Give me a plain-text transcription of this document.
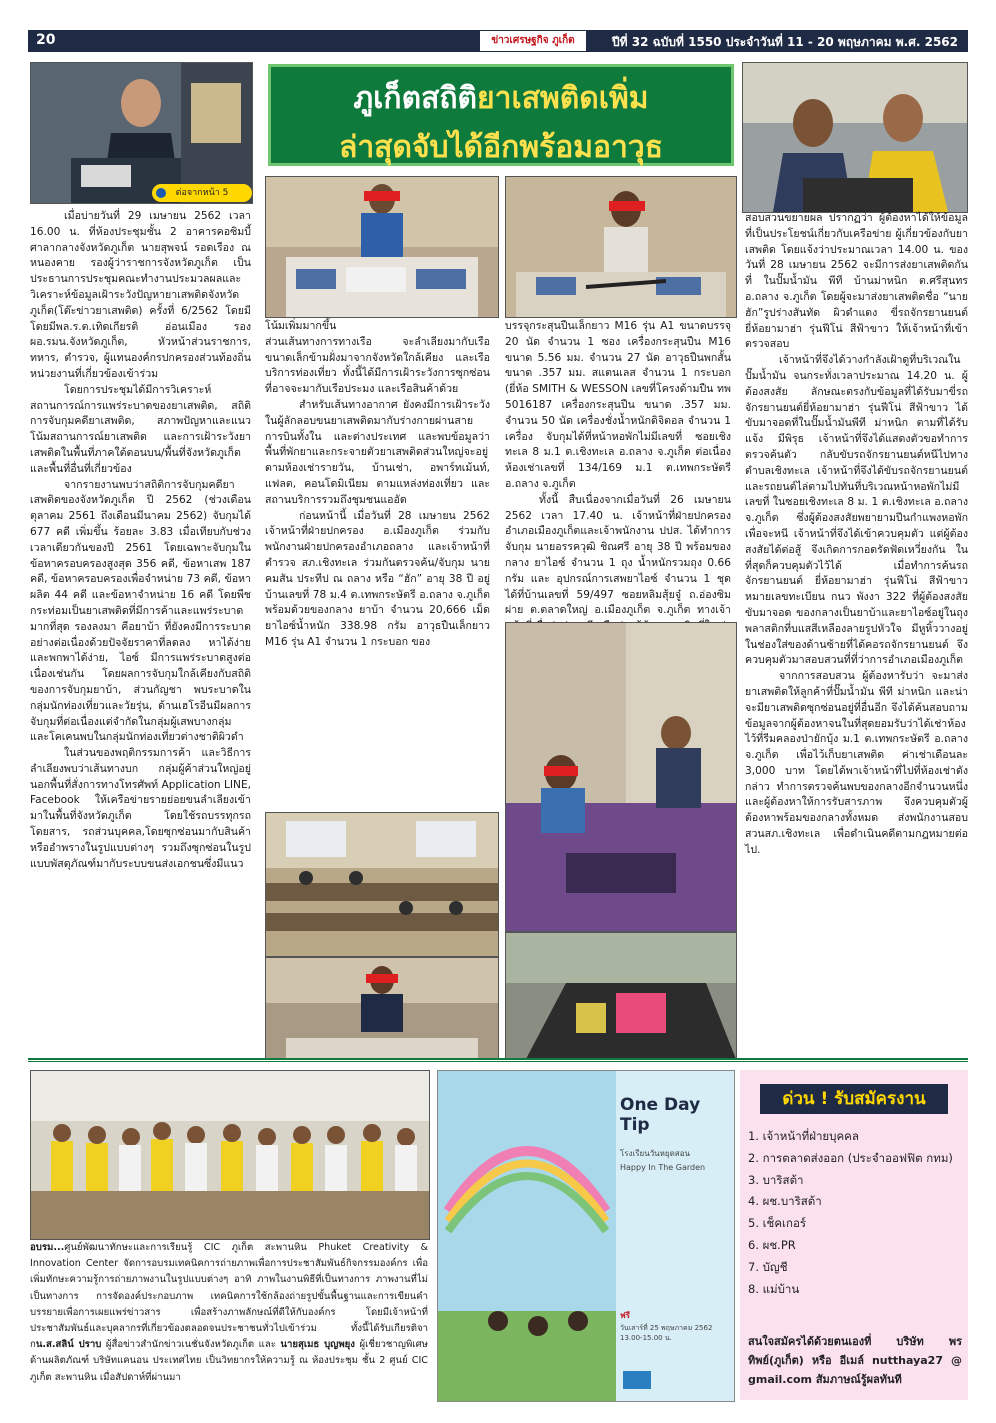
20	ข่าวเศรษฐกิจ ภูเก็ต	ปีที่ 32 ฉบับที่ 1550 ประจำวันที่ 11 - 20 พฤษภาคม พ.ศ. 2562
ต่อจากหน้า 5
ภูเก็ตสถิติยาเสพติดเพิ่ม
ล่าสุดจับได้อีกพร้อมอาวุธ

เมื่อบ่ายวันที่ 29 เมษายน 2562 เวลา 16.00 น. ที่ห้องประชุมชั้น 2 อาคารคอซิมบี้ ศาลากลางจังหวัดภูเก็ต นายสุพจน์ รอดเรือง ณ หนองคาย รองผู้ว่าราชการจังหวัดภูเก็ต เป็นประธานการประชุมคณะทำงานประมวลผลและวิเคราะห์ข้อมูลเฝ้าระวังปัญหายาเสพติดจังหวัดภูเก็ต(โต๊ะข่าวยาเสพติด) ครั้งที่ 6/2562 โดยมีโดยมีพล.ร.ต.เทิดเกียรติ อ่อนเมือง รองผอ.รมน.จังหวัดภูเก็ต, หัวหน้าส่วนราชการ, ทหาร, ตำรวจ, ผู้แทนองค์กรปกครองส่วนท้องถิ่น หน่วยงานที่เกี่ยวข้องเข้าร่วม

โดยการประชุมได้มีการวิเคราะห์สถานการณ์การแพร่ระบาดของยาเสพติด, สถิติการจับกุมคดียาเสพติด, สภาพปัญหาและแนวโน้มสถานการณ์ยาเสพติด และการเฝ้าระวังยาเสพติดในพื้นที่ภาคใต้ตอนบน/พื้นที่จังหวัดภูเก็ตและพื้นที่อื่นที่เกี่ยวข้อง

จากรายงานพบว่าสถิติการจับกุมคดียาเสพติดของจังหวัดภูเก็ต ปี 2562 (ช่วงเดือนตุลาคม 2561 ถึงเดือนมีนาคม 2562) จับกุมได้ 677 คดี เพิ่มขึ้น ร้อยละ 3.83 เมื่อเทียบกับช่วงเวลาเดียวกันของปี 2561 โดยเฉพาะจับกุมในข้อหาครอบครองสูงสุด 356 คดี, ข้อหาเสพ 187 คดี, ข้อหาครอบครองเพื่อจำหน่าย 73 คดี, ข้อหาผลิต 44 คดี และข้อหาจำหน่าย 16 คดี โดยพืชกระท่อมเป็นยาเสพติดที่มีการค้าและแพร่ระบาดมากที่สุด รองลงมา คือยาบ้า ที่ยังคงมีการระบาดอย่างต่อเนื่องด้วยปัจจัยราคาที่ลดลง หาได้ง่ายและพกพาได้ง่าย, ไอซ์ มีการแพร่ระบาดสูงต่อเนื่องเช่นกัน โดยผลการจับกุมใกล้เคียงกับสถิติของการจับกุมยาบ้า, ส่วนกัญชา พบระบาดในกลุ่มนักท่องเที่ยวและวัยรุ่น, ด้านเฮโรอีนมีผลการจับกุมที่ต่อเนื่องแต่จำกัดในกลุ่มผู้เสพบางกลุ่ม และโคเคนพบในกลุ่มนักท่องเที่ยวต่างชาติผิวดำ

ในส่วนของพฤติกรรมการค้า และวิธีการลำเลียงพบว่าเส้นทางบก กลุ่มผู้ค้าส่วนใหญ่อยู่นอกพื้นที่สั่งการทางโทรศัพท์ Application LINE, Facebook ให้เครือข่ายรายย่อยขนลำเลียงเข้ามาในพื้นที่จังหวัดภูเก็ต โดยใช้รถบรรทุกรถโดยสาร, รถส่วนบุคคล,โดยซุกซ่อนมากับสินค้าหรืออำพรางในรูปแบบต่างๆ รวมถึงซุกซ่อนในรูปแบบพัสดุภัณฑ์มากับระบบขนส่งเอกชนซึ่งมีแนว

โน้มเพิ่มมากขึ้น

ส่วนเส้นทางการทางเรือ จะลำเลียงมากับเรือขนาดเล็กข้ามฝั่งมาจากจังหวัดใกล้เคียง และเรือบริการท่องเที่ยว ทั้งนี้ได้มีการเฝ้าระวังการซุกซ่อนที่อาจจะมากับเรือประมง และเรือสินค้าด้วย

สำหรับเส้นทางอากาศ ยังคงมีการเฝ้าระวังในผู้ลักลอบขนยาเสพติดมากับร่างกายผ่านสายการบินทั้งใน และต่างประเทศ และพบข้อมูลว่าพื้นที่พักยาและกระจายตัวยาเสพติดส่วนใหญ่จะอยู่ตามห้องเช่ารายวัน, บ้านเช่า, อพาร์ทเม้นท์, แฟลต, คอนโดมิเนียม ตามแหล่งท่องเที่ยว และสถานบริการรวมถึงชุมชนแออัด

ก่อนหน้านี้ เมื่อวันที่ 28 เมษายน 2562 เจ้าหน้าที่ฝ่ายปกครอง อ.เมืองภูเก็ต ร่วมกับพนักงานฝ่ายปกครองอำเภอถลาง และเจ้าหน้าที่ตำรวจ สภ.เชิงทะเล ร่วมกันตรวจค้น/จับกุม นายคมสัน ประทีป ณ ถลาง หรือ “ฮัก” อายุ 38 ปี อยู่บ้านเลขที่ 78 ม.4 ต.เทพกระษัตรี อ.ถลาง จ.ภูเก็ต พร้อมด้วยของกลาง ยาบ้า จำนวน 20,666 เม็ด ยาไอซ์น้ำหนัก 338.98 กรัม อาวุธปืนเล็กยาว M16 รุ่น A1 จำนวน 1 กระบอก ของ

บรรจุกระสุนปืนเล็กยาว M16 รุ่น A1 ขนาดบรรจุ 20 นัด จำนวน 1 ซอง เครื่องกระสุนปืน M16 ขนาด 5.56 มม. จำนวน 27 นัด อาวุธปืนพกสั้นขนาด .357 มม. สแตนเลส จำนวน 1 กระบอก (ยี่ห้อ SMITH & WESSON เลขที่โครงด้ามปืน ทพ 5016187 เครื่องกระสุนปืน ขนาด .357 มม. จำนวน 50 นัด เครื่องชั่งน้ำหนักดิจิตอล จำนวน 1 เครื่อง จับกุมได้ที่หน้าหอพักไม่มีเลขที่ ซอยเชิงทะเล 8 ม.1 ต.เชิงทะเล อ.ถลาง จ.ภูเก็ต ต่อเนื่องห้องเช่าเลขที่ 134/169 ม.1 ต.เทพกระษัตรี อ.ถลาง จ.ภูเก็ต

ทั้งนี้ สืบเนื่องจากเมื่อวันที่ 26 เมษายน 2562 เวลา 17.40 น. เจ้าหน้าที่ฝ่ายปกครองอำเภอเมืองภูเก็ตและเจ้าพนักงาน ปปส. ได้ทำการจับกุม นายอรรควุฒิ ชิณศรี อายุ 38 ปี พร้อมของกลาง ยาไอซ์ จำนวน 1 ถุง น้ำหนักรวมถุง 0.66 กรัม และ อุปกรณ์การเสพยาไอซ์ จำนวน 1 ชุด ได้ที่บ้านเลขที่ 59/497 ซอยหลิมสุ้ยจู๋ ถ.อ่องซิมผ่าย ต.ตลาดใหญ่ อ.เมืองภูเก็ต จ.ภูเก็ต ทางเจ้า

สอบสวนขยายผล ปรากฏว่า ผู้ต้องหาได้ให้ข้อมูลที่เป็นประโยชน์เกี่ยวกับเครือข่าย ผู้เกี่ยวข้องกับยาเสพติด โดยแจ้งว่าประมาณเวลา 14.00 น. ของวันที่ 28 เมษายน 2562 จะมีการส่งยาเสพติดกันที่ ในปั๊มน้ำมัน พีที บ้านม่าหนิก ต.ศรีสุนทร อ.ถลาง จ.ภูเก็ต โดยผู้จะมาส่งยาเสพติดชื่อ “นายฮัก”รูปร่างสันทัด ผิวดำแดง ขี่รถจักรยานยนต์ ยี่ห้อยามาฮ่า รุ่นฟีโน่ สีฟ้าขาว ให้เจ้าหน้าที่เข้าตรวจสอบ

เจ้าหน้าที่จึงได้วางกำลังเฝ้าดูที่บริเวณในปั๊มน้ำมัน จนกระทั่งเวลาประมาณ 14.20 น. ผู้ต้องสงสัย ลักษณะตรงกับข้อมูลที่ได้รับมาขี่รถจักรยานยนต์ยี่ห้อยามาฮ่า รุ่นฟีโน่ สีฟ้าขาว ได้ขับมาจอดที่ในปั๊มน้ำมันพีที ม่าหนิก ตามที่ได้รับแจ้ง มีพิรุธ เจ้าหน้าที่จึงได้แสดงตัวขอทำการตรวจค้นตัว กลับขับรถจักรยานยนต์หนีไปทางตำบลเชิงทะเล เจ้าหน้าที่จึงได้ขับรถจักรยานยนต์ และรถยนต์ไล่ตามไปทันที่บริเวณหน้าหอพักไม่มีเลขที่ ในซอยเชิงทะเล 8 ม. 1 ต.เชิงทะเล อ.ถลาง จ.ภูเก็ต ซึ่งผู้ต้องสงสัยพยายามปีนกำแพงหอพักเพื่อจะหนี เจ้าหน้าที่จึงได้เข้าควบคุมตัว แต่ผู้ต้องสงสัยได้ต่อสู้ จึงเกิดการกอดรัดฟัดเหวี่ยงกัน ในที่สุดก็ควบคุมตัวไว้ได้ เมื่อทำการค้นรถจักรยานยนต์ ยี่ห้อยามาฮ่า รุ่นฟีโน่ สีฟ้าขาว หมายเลขทะเบียน กนว พังงา 322 ที่ผู้ต้องสงสัยขับมาจอด ของกลางเป็นยาบ้าและยาไอซ์อยู่ในถุงพลาสติกที่บแสสีเหลืองลายรูปหัวใจ มีหูหิ้ววางอยู่ในช่องใส่ของด้านซ้ายที่ได้คอรถจักรยานยนต์ จึงควบคุมตัวมาสอบสวนที่ที่ว่าการอำเภอเมืองภูเก็ต

จากการสอบสวน ผู้ต้องหารับว่า จะมาส่งยาเสพติดให้ลูกค้าที่ปั๊มน้ำมัน พีที ม่าหนิก และน่าจะมียาเสพติดซุกซ่อนอยู่ที่อื่นอีก จึงได้ค้นสอบถามข้อมูลจากผู้ต้องหาจนในที่สุดยอมรับว่าได้เช่าห้องไว้ที่รีมคลองป่ายักบุ้ง ม.1 ต.เทพกระษัตรี อ.ถลาง จ.ภูเก็ต เพื่อไว้เก็บยาเสพติด ค่าเช่าเดือนละ 3,000 บาท โดยได้พาเจ้าหน้าที่ไปที่ห้องเช่าดังกล่าว ทำการตรวจค้นพบของกลางอีกจำนวนหนึ่ง และผู้ต้องหาให้การรับสารภาพ จึงควบคุมตัวผู้ต้องหาพร้อมของกลางทั้งหมด ส่งพนักงานสอบสวนสภ.เชิงทะเล เพื่อดำเนินคดีตามกฎหมายต่อไป.

อบรม...ศูนย์พัฒนาทักษะและการเรียนรู้ CIC ภูเก็ต สะพานหิน Phuket Creativity & Innovation Center จัดการอบรมเทคนิคการถ่ายภาพเพื่อการประชาสัมพันธ์กิจกรรมองค์กร เพื่อเพิ่มทักษะความรู้การถ่ายภาพงานในรูปแบบต่างๆ อาทิ ภาพในงานพิธีที่เป็นทางการ ภาพงานที่ไม่เป็นทางการ การจัดองค์ประกอบภาพ เทคนิคการใช้กล้องถ่ายรูปขั้นพื้นฐานและการเขียนคำบรรยายเพื่อการเผยแพร่ข่าวสาร เพื่อสร้างภาพลักษณ์ที่ดีให้กับองค์กร โดยมีเจ้าหน้าที่ประชาสัมพันธ์และบุคลากรที่เกี่ยวข้องตลอดจนประชาชนทั่วไปเข้าร่วม ทั้งนี้ได้รับเกียรติจากน.ส.สลิน์ ปราบ ผู้สื่อข่าวสำนักข่าวเนชั่นจังหวัดภูเก็ต และ นายสุเมธ บุญพยุง ผู้เชี่ยวชาญพิเศษด้านผลิตภัณฑ์ บริษัทแคนอน ประเทศไทย เป็นวิทยากรให้ความรู้ ณ ห้องประชุม ชั้น 2 ศูนย์ CIC ภูเก็ต สะพานหิน เมื่อสัปดาห์ที่ผ่านมา
One Day Tip
โรงเรียนวันหยุดสอน
Happy In The Garden
ฟรี
วันเสาร์ที่ 25 พฤษภาคม 2562 13.00-15.00 น.
ด่วน ! รับสมัครงาน
1. เจ้าหน้าที่ฝ่ายบุคคล
2. การตลาดส่งออก (ประจำออฟฟิต กทม)
3. บาริสต้า
4. ผช.บาริสต้า
5. เช็คเกอร์
6. ผช.PR
7. บัญชี
8. แม่บ้าน
สนใจสมัครได้ด้วยตนเองที่ บริษัท พรทิพย์(ภูเก็ต) หรือ อีเมล์ nutthaya27 @ gmail.com สัมภาษณ์รู้ผลทันที
